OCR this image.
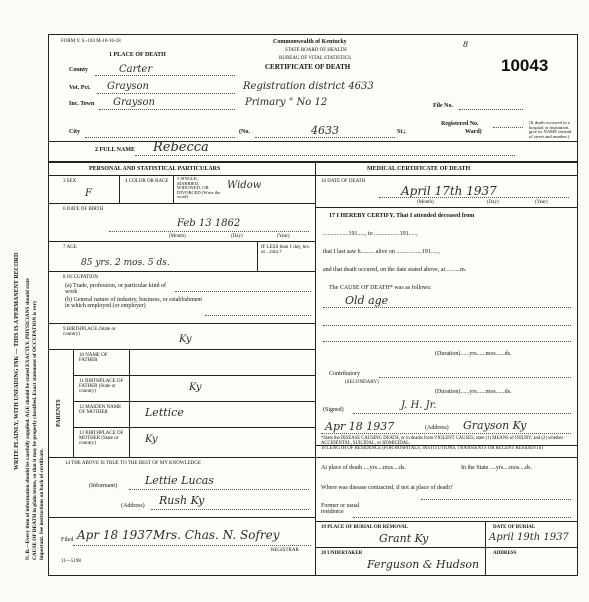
WRITE PLAINLY, WITH UNFADING INK — THIS IS A PERMANENT RECORD N. B.—Every item of information should be carefully supplied. AGE should be stated EXACTLY. PHYSICIANS should state CAUSE OF DEATH in plain terms, so that it may be properly classified. Exact statement of OCCUPATION is very important. See instructions on back of certificate.
FORM V. S.-103 M-10-16-18
1 PLACE OF DEATH
Commonwealth of Kentucky
STATE BOARD OF HEALTH
BUREAU OF VITAL STATISTICS
CERTIFICATE OF DEATH	10043
8
County	Carter
Vot. Pct. Grayson	Registration district 4633
Inc. Town Grayson	Primary " No 12	File No.
Registered No.
City	(No.	4633	St.;	Ward)
(If death occurred in a hospital or institution, give its NAME instead of street and number.)
2 FULL NAME Rebecca
PERSONAL AND STATISTICAL PARTICULARS
3 SEX
F
4 COLOR OR RACE
5 SINGLE, MARRIED, WIDOWED, OR DIVORCED (Write the word)
Widow
6 DATE OF BIRTH
Feb 13 1862
(Month)	(Day)	(Year)
7 AGE
85 yrs. 2 mos. 5 ds.
IF LESS than 1 day, hrs. or ...min.?
8 OCCUPATION
(a) Trade, profession, or particular kind of work
(b) General nature of industry, business, or establishment in which employed (or employer)
9 BIRTHPLACE (State or country)	Ky
PARENTS
10 NAME OF FATHER
11 BIRTHPLACE OF FATHER (State or country)	Ky
12 MAIDEN NAME OF MOTHER	Lettice
13 BIRTHPLACE OF MOTHER (State or country)	Ky
14 THE ABOVE IS TRUE TO THE BEST OF MY KNOWLEDGE
(Informant)	Lettie Lucas
(Address) Rush Ky
Filed Apr 18 1937 Mrs. Chas. N. Sofrey
REGISTRAR
11—5198
MEDICAL CERTIFICATE OF DEATH
16 DATE OF DEATH
April 17th 1937
(Month)	(Day)	(Year)
17 I HEREBY CERTIFY, That I attended deceased from
.................191....., to .................191.....,
that I last saw h......... alive on .................191.....,
and that death occured, on the date stated above, at .........m.
The CAUSE OF DEATH* was as follows:
Old age
(Duration)......yrs......mos......ds.
Contributory
(SECONDARY)
(Duration)......yrs......mos......ds.
(Signed)	J. H. Jr.
Apr 18 1937	(Address) Grayson Ky
*State the DISEASE CAUSING DEATH, or in deaths from VIOLENT CAUSES, state (1) MEANS of INJURY; and (2) whether ACCIDENTAL, SUICIDAL, or HOMICIDAL.
18 LENGTH OF RESIDENCE (FOR HOSPITALS, INSTITUTIONS, TRANSIENTS OR RECENT RESIDENTS)
At place of death ....yrs....mos....ds.	In the State ....yrs....mos....ds.
Where was disease contracted, if not at place of death?
Former or usual residence
19 PLACE OF BURIAL OR REMOVAL
Grant Ky
DATE OF BURIAL
April 19th 1937
20 UNDERTAKER	ADDRESS
Ferguson & Hudson
